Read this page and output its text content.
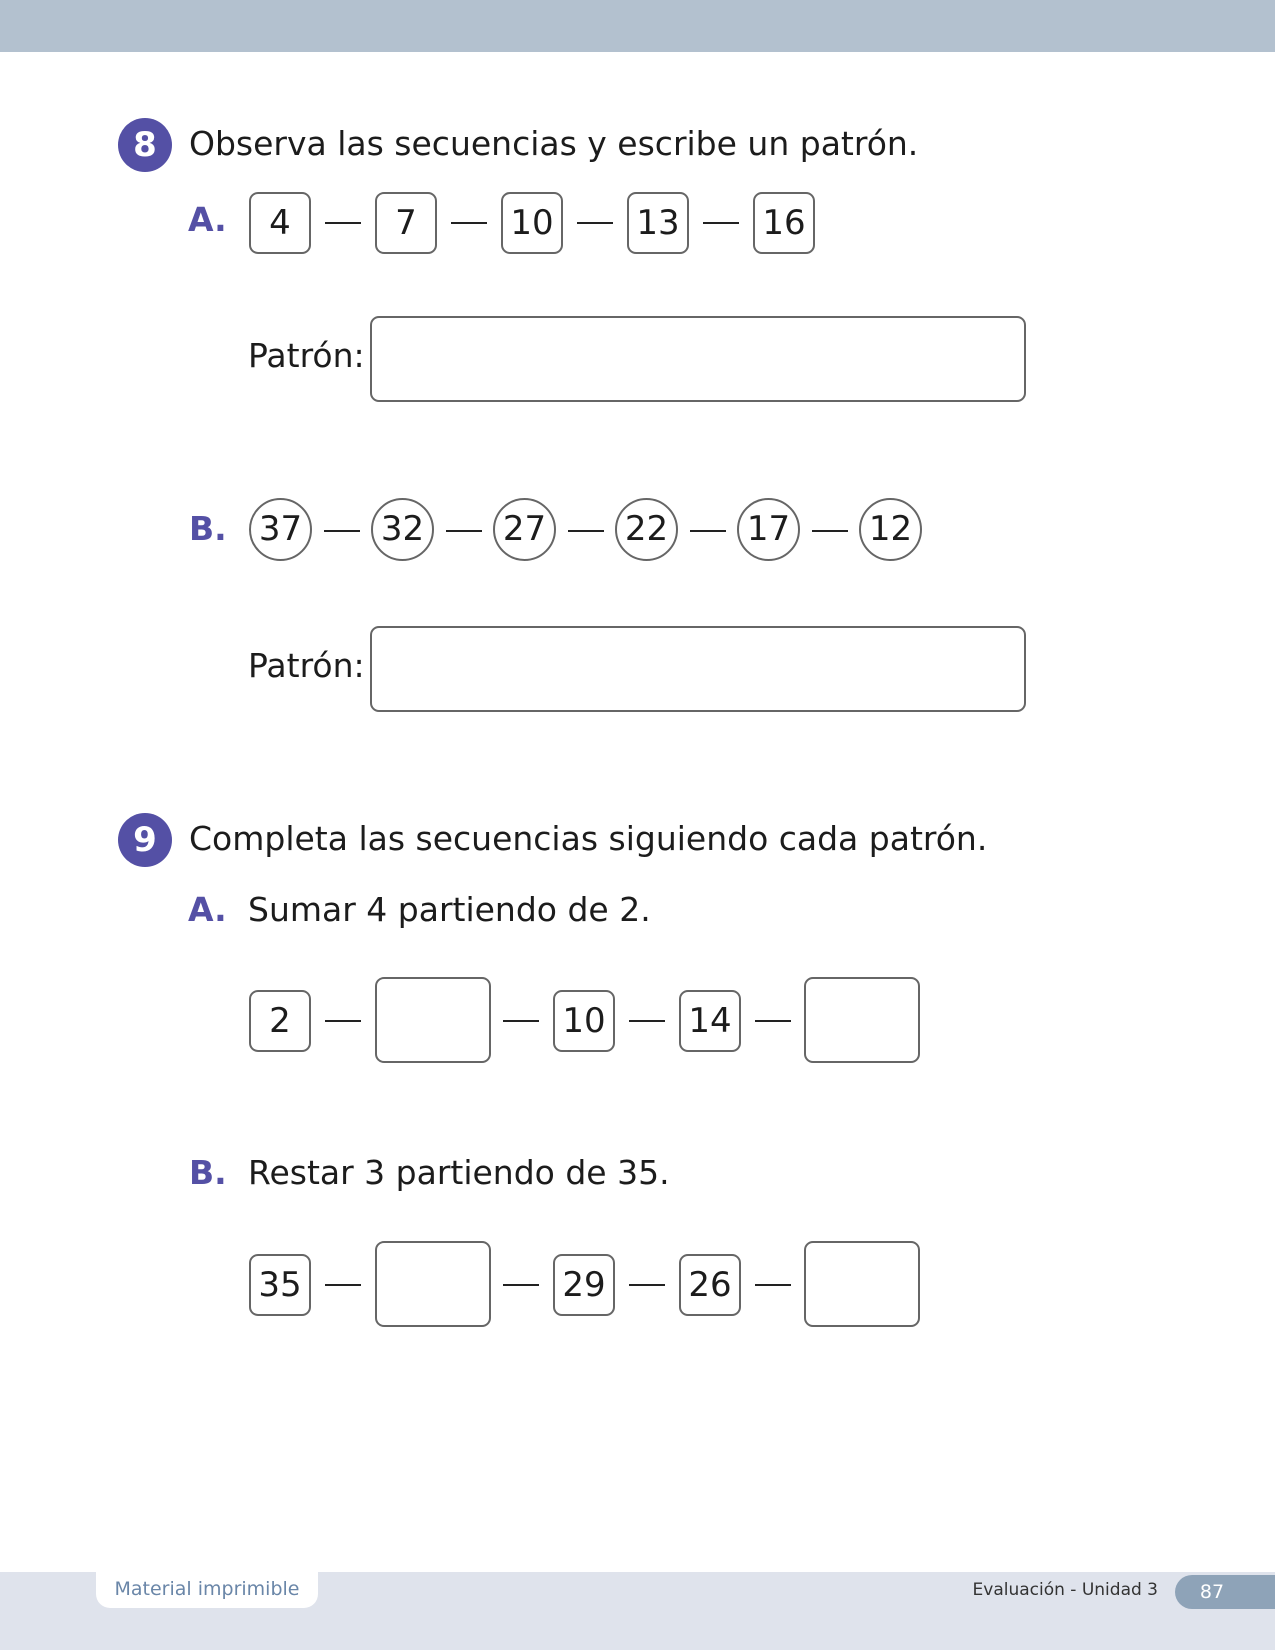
8 Observa las secuencias y escribe un patrón.
A.	4	7	10 13 16
Patrón:
B. 37 32 27 22 17 12
Patrón:
9 Completa las secuencias siguiendo cada patrón.
A. Sumar 4 partiendo de 2.
2	10 14
B. Restar 3 partiendo de 35.
35	29 26
Material imprimible	Evaluación - Unidad 3	87
